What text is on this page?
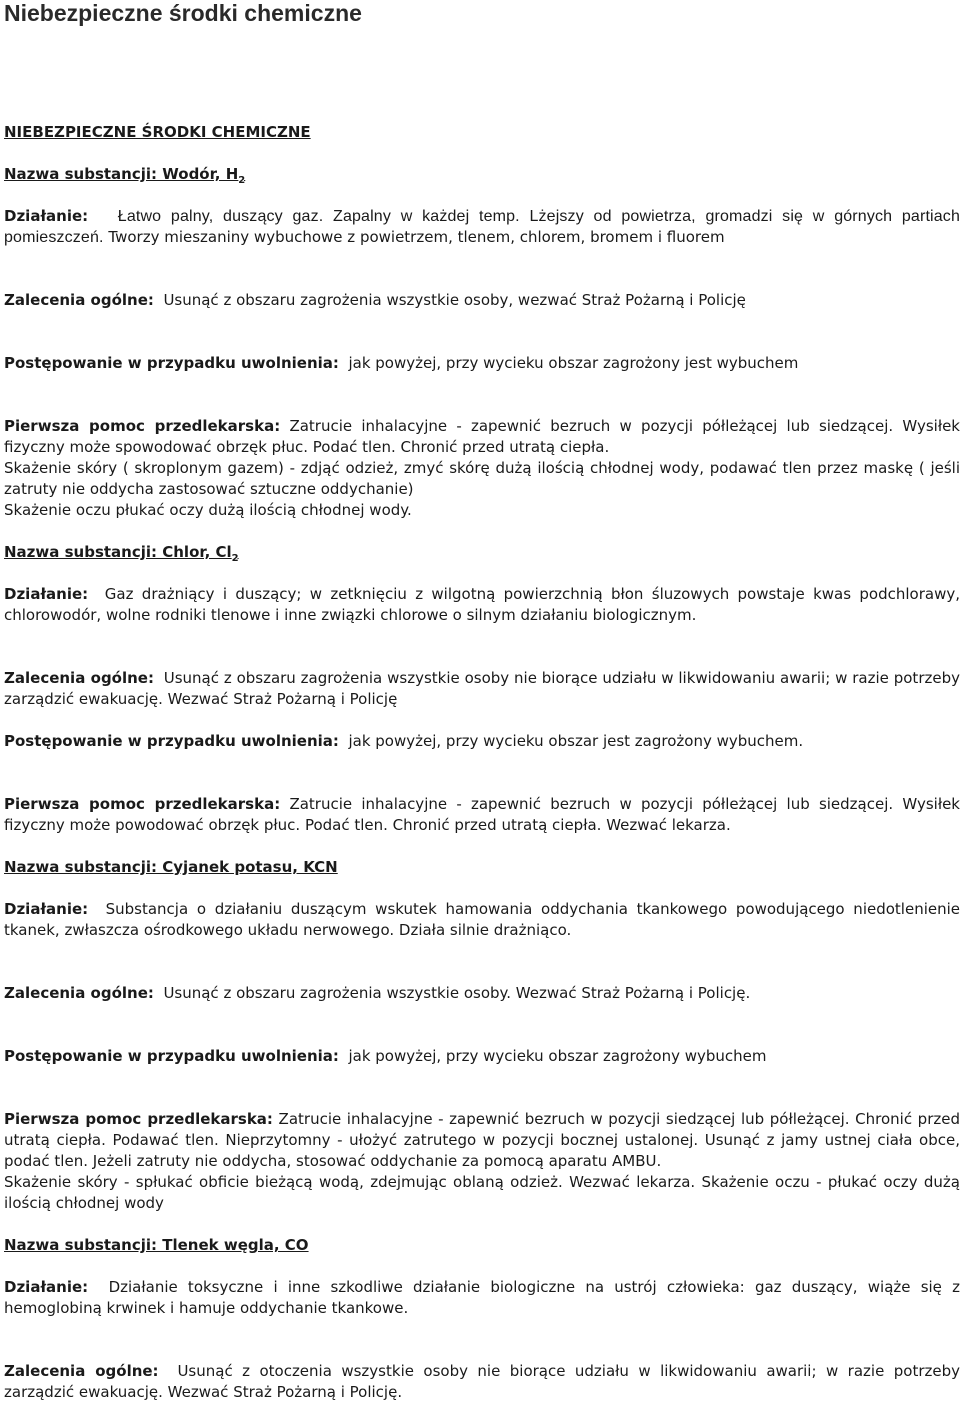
Niebezpieczne środki chemiczne
NIEBEZPIECZNE ŚRODKI CHEMICZNE
Nazwa substancji: Wodór, $H_2$
Działanie: Łatwo palny, duszący gaz. Zapalny w każdej temp. Lżejszy od powietrza, gromadzi się w górnych partiach pomieszczeń. Tworzy mieszaniny wybuchowe z powietrzem, tlenem, chlorem, bromem i fluorem
Zalecenia ogólne: Usunąć z obszaru zagrożenia wszystkie osoby, wezwać Straż Pożarną i Policję
Postępowanie w przypadku uwolnienia: jak powyżej, przy wycieku obszar zagrożony jest wybuchem

Pierwsza pomoc przedlekarska: Zatrucie inhalacyjne - zapewnić bezruch w pozycji półleżącej lub siedzącej. Wysiłek fizyczny może spowodować obrzęk płuc. Podać tlen. Chronić przed utratą ciepła.

Skażenie skóry ( skroplonym gazem) - zdjąć odzież, zmyć skórę dużą ilością chłodnej wody, podawać tlen przez maskę ( jeśli zatruty nie oddycha zastosować sztuczne oddychanie)

Skażenie oczu płukać oczy dużą ilością chłodnej wody.

Nazwa substancji: Chlor, $Cl_2$
Działanie: Gaz drażniący i duszący; w zetknięciu z wilgotną powierzchnią błon śluzowych powstaje kwas podchlorawy, chlorowodór, wolne rodniki tlenowe i inne związki chlorowe o silnym działaniu biologicznym.
Zalecenia ogólne: Usunąć z obszaru zagrożenia wszystkie osoby nie biorące udziału w likwidowaniu awarii; w razie potrzeby zarządzić ewakuację. Wezwać Straż Pożarną i Policję
Postępowanie w przypadku uwolnienia: jak powyżej, przy wycieku obszar jest zagrożony wybuchem.

Pierwsza pomoc przedlekarska: Zatrucie inhalacyjne - zapewnić bezruch w pozycji półleżącej lub siedzącej. Wysiłek fizyczny może powodować obrzęk płuc. Podać tlen. Chronić przed utratą ciepła. Wezwać lekarza.

Nazwa substancji: Cyjanek potasu, KCN
Działanie: Substancja o działaniu duszącym wskutek hamowania oddychania tkankowego powodującego niedotlenienie tkanek, zwłaszcza ośrodkowego układu nerwowego. Działa silnie drażniąco.
Zalecenia ogólne: Usunąć z obszaru zagrożenia wszystkie osoby. Wezwać Straż Pożarną i Policję.
Postępowanie w przypadku uwolnienia: jak powyżej, przy wycieku obszar zagrożony wybuchem

Pierwsza pomoc przedlekarska: Zatrucie inhalacyjne - zapewnić bezruch w pozycji siedzącej lub półleżącej. Chronić przed utratą ciepła. Podawać tlen. Nieprzytomny - ułożyć zatrutego w pozycji bocznej ustalonej. Usunąć z jamy ustnej ciała obce, podać tlen. Jeżeli zatruty nie oddycha, stosować oddychanie za pomocą aparatu AMBU.

Skażenie skóry - spłukać obficie bieżącą wodą, zdejmując oblaną odzież. Wezwać lekarza. Skażenie oczu - płukać oczy dużą ilością chłodnej wody

Nazwa substancji: Tlenek węgla, CO
Działanie: Działanie toksyczne i inne szkodliwe działanie biologiczne na ustrój człowieka: gaz duszący, wiąże się z hemoglobiną krwinek i hamuje oddychanie tkankowe.
Zalecenia ogólne: Usunąć z otoczenia wszystkie osoby nie biorące udziału w likwidowaniu awarii; w razie potrzeby zarządzić ewakuację. Wezwać Straż Pożarną i Policję.
